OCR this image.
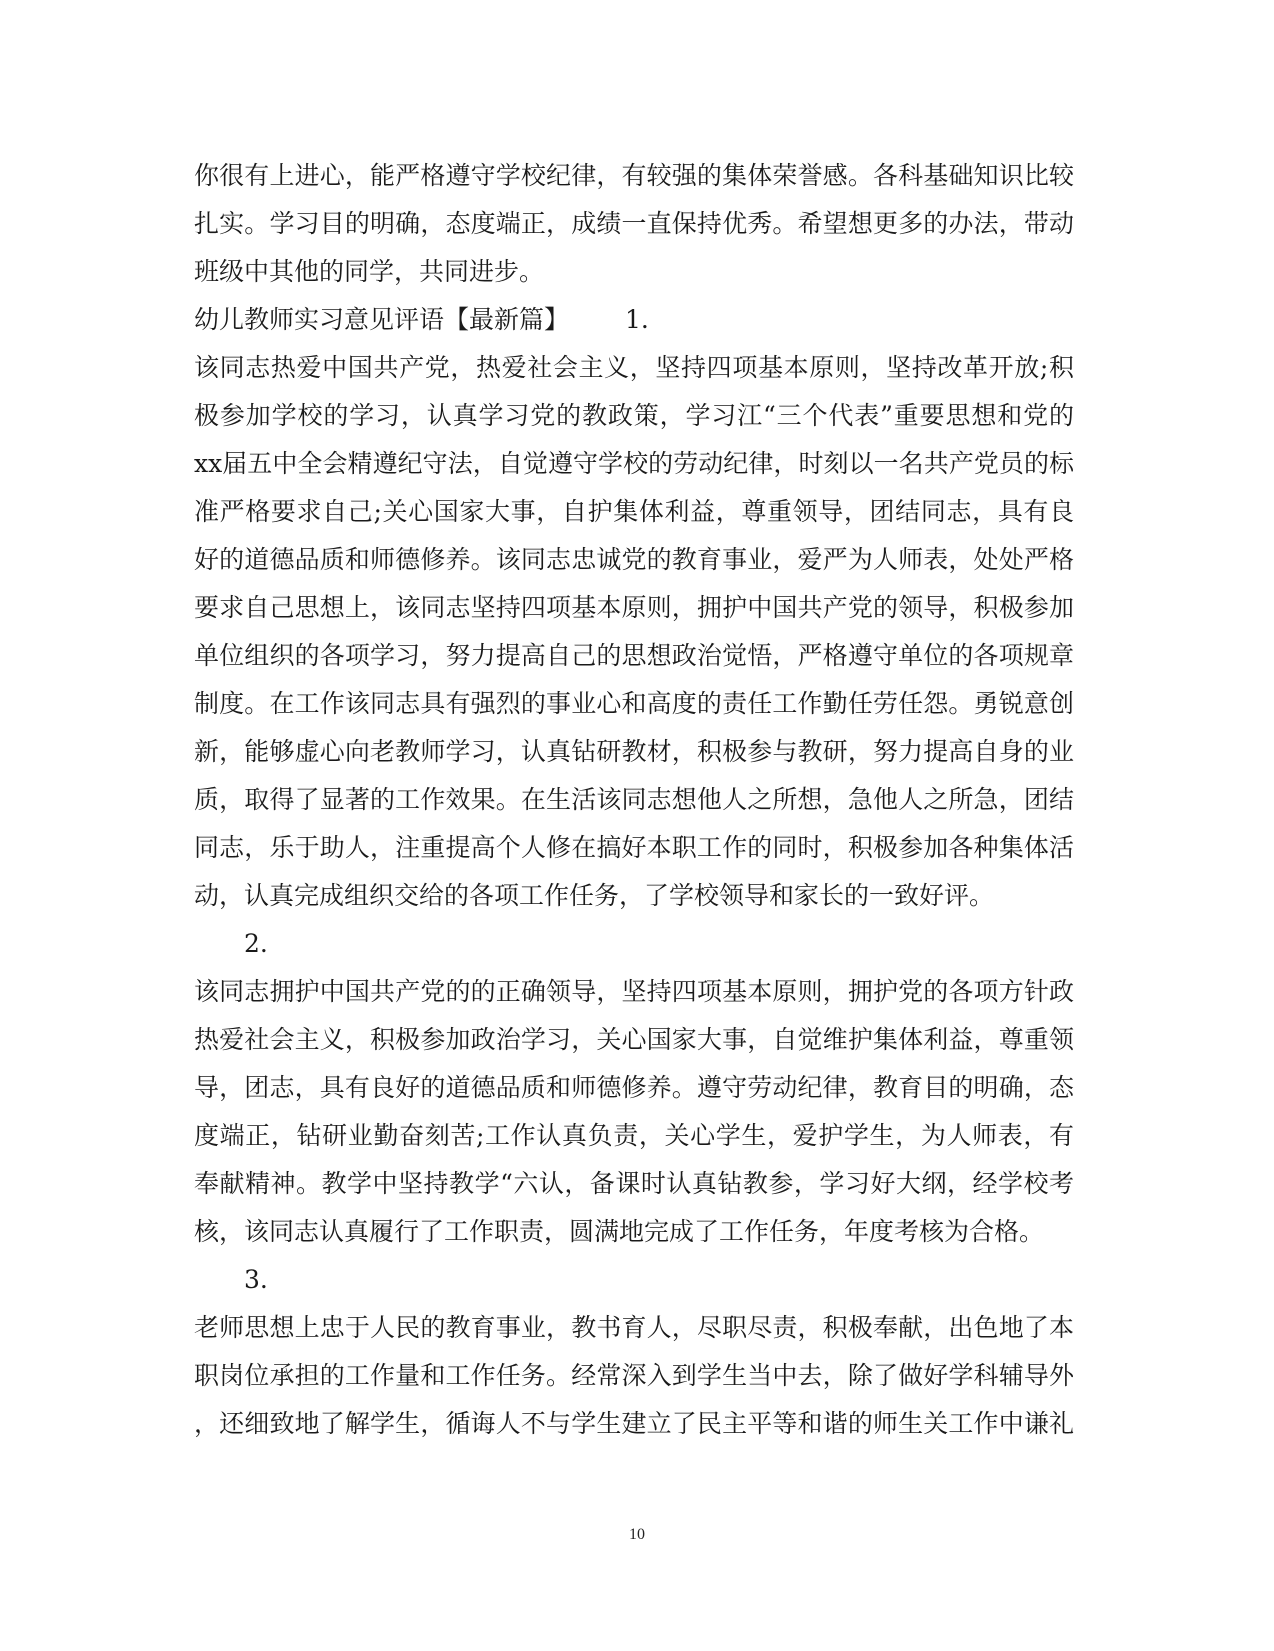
你很有上进心，能严格遵守学校纪律，有较强的集体荣誉感。各科基础知识比较
扎实。学习目的明确，态度端正，成绩一直保持优秀。希望想更多的办法，带动
班级中其他的同学，共同进步。
幼儿教师实习意见评语【最新篇】 1.
该同志热爱中国共产党，热爱社会主义，坚持四项基本原则，坚持改革开放;积
极参加学校的学习，认真学习党的教政策，学习江“三个代表”重要思想和党的
xx届五中全会精遵纪守法，自觉遵守学校的劳动纪律，时刻以一名共产党员的标
准严格要求自己;关心国家大事，自护集体利益，尊重领导，团结同志，具有良
好的道德品质和师德修养。该同志忠诚党的教育事业，爱严为人师表，处处严格
要求自己思想上，该同志坚持四项基本原则，拥护中国共产党的领导，积极参加
单位组织的各项学习，努力提高自己的思想政治觉悟，严格遵守单位的各项规章
制度。在工作该同志具有强烈的事业心和高度的责任工作勤任劳任怨。勇锐意创
新，能够虚心向老教师学习，认真钻研教材，积极参与教研，努力提高自身的业
质，取得了显著的工作效果。在生活该同志想他人之所想，急他人之所急，团结
同志，乐于助人，注重提高个人修在搞好本职工作的同时，积极参加各种集体活
动，认真完成组织交给的各项工作任务，了学校领导和家长的一致好评。
2.
该同志拥护中国共产党的的正确领导，坚持四项基本原则，拥护党的各项方针政
热爱社会主义，积极参加政治学习，关心国家大事，自觉维护集体利益，尊重领
导，团志，具有良好的道德品质和师德修养。遵守劳动纪律，教育目的明确，态
度端正，钻研业勤奋刻苦;工作认真负责，关心学生，爱护学生，为人师表，有
奉献精神。教学中坚持教学“六认，备课时认真钻教参，学习好大纲，经学校考
核，该同志认真履行了工作职责，圆满地完成了工作任务，年度考核为合格。
3.
老师思想上忠于人民的教育事业，教书育人，尽职尽责，积极奉献，出色地了本
职岗位承担的工作量和工作任务。经常深入到学生当中去，除了做好学科辅导外
，还细致地了解学生，循诲人不与学生建立了民主平等和谐的师生关工作中谦礼
10
